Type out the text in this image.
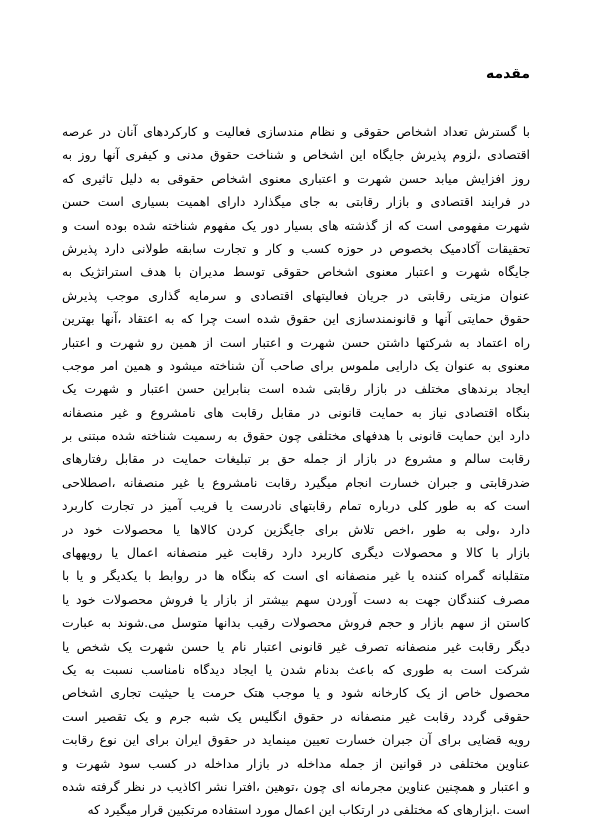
مقدمه
با گسترش تعداد اشخاص حقوقی و نظام مندسازی فعالیت و کارکردهای آنان در عرصه
اقتصادی ،لزوم پذیرش جایگاه این اشخاص و شناخت حقوق مدنی و کیفری آنها روز به
روز افزایش میابد حسن شهرت و اعتباری معنوی اشخاص حقوقی به دلیل تاثیری که
در فرایند اقتصادی و بازار رقابتی به جای میگذارد دارای اهمیت بسیاری است حسن
شهرت مفهومی است که از گذشته های بسیار دور یک مفهوم شناخته شده بوده است و
تحقیقات آکادمیک بخصوص در حوزه کسب و کار و تجارت سابقه طولانی دارد پذیرش
جایگاه شهرت و اعتبار معنوی اشخاص حقوقی توسط مدیران با هدف استراتژیک به
عنوان مزیتی رقابتی در جریان فعالیتهای اقتصادی و سرمایه گذاری موجب پذیرش
حقوق حمایتی آنها و قانونمندسازی این حقوق شده است چرا که به اعتقاد ،آنها بهترین
راه اعتماد به شرکتها داشتن حسن شهرت و اعتبار است از همین رو شهرت و اعتبار
معنوی به عنوان یک دارایی ملموس برای صاحب آن شناخته میشود و همین امر موجب
ایجاد برندهای مختلف در بازار رقابتی شده است بنابراین حسن اعتبار و شهرت یک
بنگاه اقتصادی نیاز به حمایت قانونی در مقابل رقابت های نامشروع و غیر منصفانه
دارد این حمایت قانونی با هدفهای مختلفی چون حقوق به رسمیت شناخته شده مبتنی بر
رقابت سالم و مشروع در بازار از جمله حق بر تبلیغات حمایت در مقابل رفتارهای
ضدرقابتی و جبران خسارت انجام میگیرد رقابت نامشروع یا غیر منصفانه ،اصطلاحی
است که به طور کلی درباره تمام رقابتهای نادرست یا فریب آمیز در تجارت کاربرد
دارد ،ولی به طور ،اخص تلاش برای جایگزین کردن کالاها یا محصولات خود در
بازار با کالا و محصولات دیگری کاربرد دارد رقابت غیر منصفانه اعمال یا رویههای
متقلبانه گمراه کننده یا غیر منصفانه ای است که بنگاه ها در روابط با یکدیگر و یا با
مصرف کنندگان جهت به دست آوردن سهم بیشتر از بازار یا فروش محصولات خود یا
کاستن از سهم بازار و حجم فروش محصولات رقیب بدانها متوسل می.شوند به عبارت
دیگر رقابت غیر منصفانه تصرف غیر قانونی اعتبار نام یا حسن شهرت یک شخص یا
شرکت است به طوری که باعث بدنام شدن یا ایجاد دیدگاه نامناسب نسبت به یک
محصول خاص از یک کارخانه شود و یا موجب هتک حرمت یا حیثیت تجاری اشخاص
حقوقی گردد رقابت غیر منصفانه در حقوق انگلیس یک شبه جرم و یک تقصیر است
رویه قضایی برای آن جبران خسارت تعیین مینماید در حقوق ایران برای این نوع رقابت
عناوین مختلفی در قوانین از جمله مداخله در بازار مداخله در کسب سود شهرت و
و اعتبار و همچنین عناوین مجرمانه ای چون ،توهین ،افترا نشر اکاذیب در نظر گرفته شده
است .ابزارهای که مختلفی در ارتکاب این اعمال مورد استفاده مرتکبین قرار میگیرد که
